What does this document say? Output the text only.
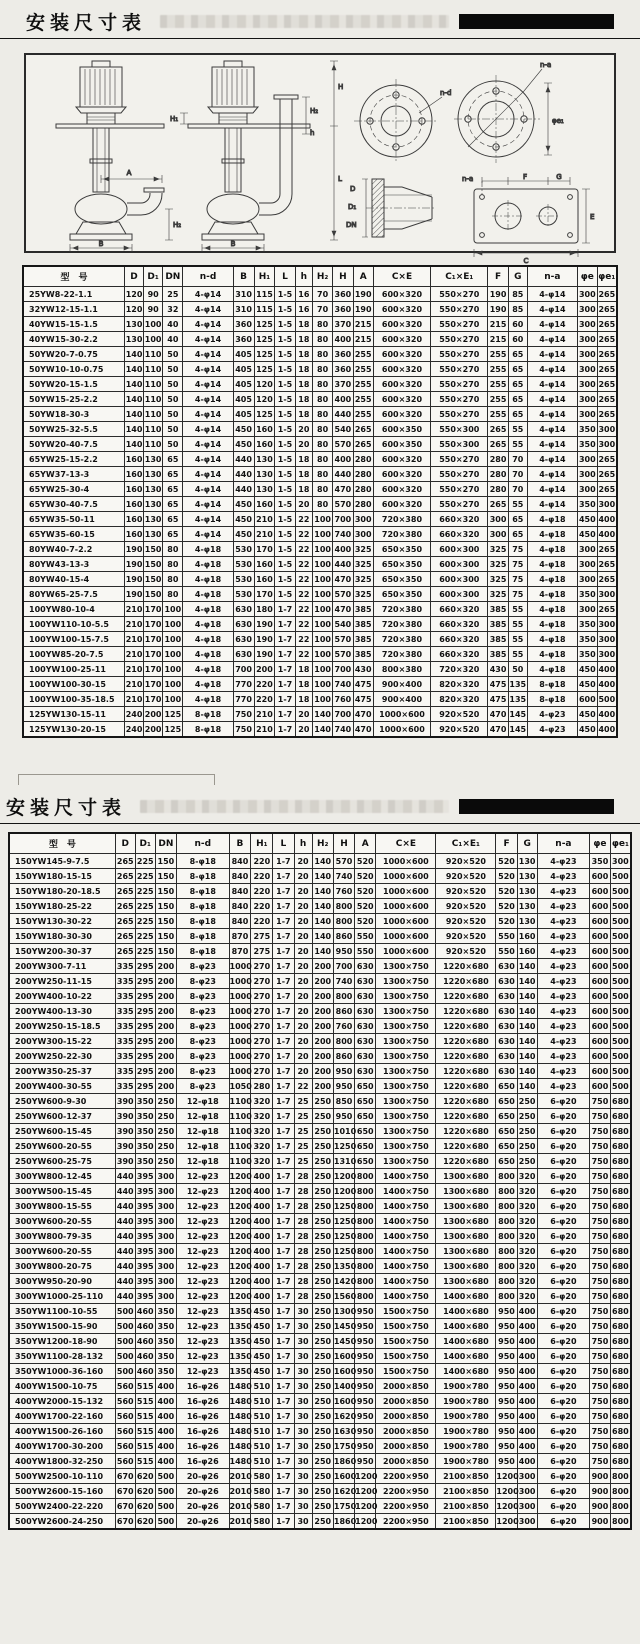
安装尺寸表
A
H₂
B
H₂
h
H₁
H
L
B
n-d
n-a
φe₁
D
D₁
DN
n-a	F	G
C
E
型　号	D	D₁	DN	n-d	B	H₁	L	h	H₂	H	A	C×E	C₁×E₁	F	G	n-a	φe	φe₁
25YW8-22-1.1	120	90	25	4-φ14	310	115	1-5	16	70	360	190	600×320	550×270	190	85	4-φ14	300	265
32YW12-15-1.1	120	90	32	4-φ14	310	115	1-5	16	70	360	190	600×320	550×270	190	85	4-φ14	300	265
40YW15-15-1.5	130	100	40	4-φ14	360	125	1-5	18	80	370	215	600×320	550×270	215	60	4-φ14	300	265
40YW15-30-2.2	130	100	40	4-φ14	360	125	1-5	18	80	400	215	600×320	550×270	215	60	4-φ14	300	265
50YW20-7-0.75	140	110	50	4-φ14	405	125	1-5	18	80	360	255	600×320	550×270	255	65	4-φ14	300	265
50YW10-10-0.75	140	110	50	4-φ14	405	125	1-5	18	80	360	255	600×320	550×270	255	65	4-φ14	300	265
50YW20-15-1.5	140	110	50	4-φ14	405	120	1-5	18	80	370	255	600×320	550×270	255	65	4-φ14	300	265
50YW15-25-2.2	140	110	50	4-φ14	405	120	1-5	18	80	400	255	600×320	550×270	255	65	4-φ14	300	265
50YW18-30-3	140	110	50	4-φ14	405	125	1-5	18	80	440	255	600×320	550×270	255	65	4-φ14	300	265
50YW25-32-5.5	140	110	50	4-φ14	450	160	1-5	20	80	540	265	600×350	550×300	265	55	4-φ14	350	300
50YW20-40-7.5	140	110	50	4-φ14	450	160	1-5	20	80	570	265	600×350	550×300	265	55	4-φ14	350	300
65YW25-15-2.2	160	130	65	4-φ14	440	130	1-5	18	80	400	280	600×320	550×270	280	70	4-φ14	300	265
65YW37-13-3	160	130	65	4-φ14	440	130	1-5	18	80	440	280	600×320	550×270	280	70	4-φ14	300	265
65YW25-30-4	160	130	65	4-φ14	440	130	1-5	18	80	470	280	600×320	550×270	280	70	4-φ14	300	265
65YW30-40-7.5	160	130	65	4-φ14	450	160	1-5	20	80	570	280	600×320	550×270	265	55	4-φ14	350	300
65YW35-50-11	160	130	65	4-φ14	450	210	1-5	22	100	700	300	720×380	660×320	300	65	4-φ18	450	400
65YW35-60-15	160	130	65	4-φ14	450	210	1-5	22	100	740	300	720×380	660×320	300	65	4-φ18	450	400
80YW40-7-2.2	190	150	80	4-φ18	530	170	1-5	22	100	400	325	650×350	600×300	325	75	4-φ18	300	265
80YW43-13-3	190	150	80	4-φ18	530	160	1-5	22	100	440	325	650×350	600×300	325	75	4-φ18	300	265
80YW40-15-4	190	150	80	4-φ18	530	160	1-5	22	100	470	325	650×350	600×300	325	75	4-φ18	300	265
80YW65-25-7.5	190	150	80	4-φ18	530	170	1-5	22	100	570	325	650×350	600×300	325	75	4-φ18	350	300
100YW80-10-4	210	170	100	4-φ18	630	180	1-7	22	100	470	385	720×380	660×320	385	55	4-φ18	300	265
100YW110-10-5.5	210	170	100	4-φ18	630	190	1-7	22	100	540	385	720×380	660×320	385	55	4-φ18	350	300
100YW100-15-7.5	210	170	100	4-φ18	630	190	1-7	22	100	570	385	720×380	660×320	385	55	4-φ18	350	300
100YW85-20-7.5	210	170	100	4-φ18	630	190	1-7	22	100	570	385	720×380	660×320	385	55	4-φ18	350	300
100YW100-25-11	210	170	100	4-φ18	700	200	1-7	18	100	700	430	800×380	720×320	430	50	4-φ18	450	400
100YW100-30-15	210	170	100	4-φ18	770	220	1-7	18	100	740	475	900×400	820×320	475	135	8-φ18	450	400
100YW100-35-18.5	210	170	100	4-φ18	770	220	1-7	18	100	760	475	900×400	820×320	475	135	8-φ18	600	500
125YW130-15-11	240	200	125	8-φ18	750	210	1-7	20	140	700	470	1000×600	920×520	470	145	4-φ23	450	400
125YW130-20-15	240	200	125	8-φ18	750	210	1-7	20	140	740	470	1000×600	920×520	470	145	4-φ23	450	400
安装尺寸表
型　号	D	D₁	DN	n-d	B	H₁	L	h	H₂	H	A	C×E	C₁×E₁	F	G	n-a	φe	φe₁
150YW145-9-7.5	265	225	150	8-φ18	840	220	1-7	20	140	570	520	1000×600	920×520	520	130	4-φ23	350	300
150YW180-15-15	265	225	150	8-φ18	840	220	1-7	20	140	740	520	1000×600	920×520	520	130	4-φ23	600	500
150YW180-20-18.5	265	225	150	8-φ18	840	220	1-7	20	140	760	520	1000×600	920×520	520	130	4-φ23	600	500
150YW180-25-22	265	225	150	8-φ18	840	220	1-7	20	140	800	520	1000×600	920×520	520	130	4-φ23	600	500
150YW130-30-22	265	225	150	8-φ18	840	220	1-7	20	140	800	520	1000×600	920×520	520	130	4-φ23	600	500
150YW180-30-30	265	225	150	8-φ18	870	275	1-7	20	140	860	550	1000×600	920×520	550	160	4-φ23	600	500
150YW200-30-37	265	225	150	8-φ18	870	275	1-7	20	140	950	550	1000×600	920×520	550	160	4-φ23	600	500
200YW300-7-11	335	295	200	8-φ23	1000	270	1-7	20	200	700	630	1300×750	1220×680	630	140	4-φ23	600	500
200YW250-11-15	335	295	200	8-φ23	1000	270	1-7	20	200	740	630	1300×750	1220×680	630	140	4-φ23	600	500
200YW400-10-22	335	295	200	8-φ23	1000	270	1-7	20	200	800	630	1300×750	1220×680	630	140	4-φ23	600	500
200YW400-13-30	335	295	200	8-φ23	1000	270	1-7	20	200	860	630	1300×750	1220×680	630	140	4-φ23	600	500
200YW250-15-18.5	335	295	200	8-φ23	1000	270	1-7	20	200	760	630	1300×750	1220×680	630	140	4-φ23	600	500
200YW300-15-22	335	295	200	8-φ23	1000	270	1-7	20	200	800	630	1300×750	1220×680	630	140	4-φ23	600	500
200YW250-22-30	335	295	200	8-φ23	1000	270	1-7	20	200	860	630	1300×750	1220×680	630	140	4-φ23	600	500
200YW350-25-37	335	295	200	8-φ23	1000	270	1-7	20	200	950	630	1300×750	1220×680	630	140	4-φ23	600	500
200YW400-30-55	335	295	200	8-φ23	1050	280	1-7	22	200	950	650	1300×750	1220×680	650	140	4-φ23	600	500
250YW600-9-30	390	350	250	12-φ18	1100	320	1-7	25	250	850	650	1300×750	1220×680	650	250	6-φ20	750	680
250YW600-12-37	390	350	250	12-φ18	1100	320	1-7	25	250	950	650	1300×750	1220×680	650	250	6-φ20	750	680
250YW600-15-45	390	350	250	12-φ18	1100	320	1-7	25	250	1010	650	1300×750	1220×680	650	250	6-φ20	750	680
250YW600-20-55	390	350	250	12-φ18	1100	320	1-7	25	250	1250	650	1300×750	1220×680	650	250	6-φ20	750	680
250YW600-25-75	390	350	250	12-φ18	1100	320	1-7	25	250	1310	650	1300×750	1220×680	650	250	6-φ20	750	680
300YW800-12-45	440	395	300	12-φ23	1200	400	1-7	28	250	1200	800	1400×750	1300×680	800	320	6-φ20	750	680
300YW500-15-45	440	395	300	12-φ23	1200	400	1-7	28	250	1200	800	1400×750	1300×680	800	320	6-φ20	750	680
300YW800-15-55	440	395	300	12-φ23	1200	400	1-7	28	250	1250	800	1400×750	1300×680	800	320	6-φ20	750	680
300YW600-20-55	440	395	300	12-φ23	1200	400	1-7	28	250	1250	800	1400×750	1300×680	800	320	6-φ20	750	680
300YW800-79-35	440	395	300	12-φ23	1200	400	1-7	28	250	1250	800	1400×750	1300×680	800	320	6-φ20	750	680
300YW600-20-55	440	395	300	12-φ23	1200	400	1-7	28	250	1250	800	1400×750	1300×680	800	320	6-φ20	750	680
300YW800-20-75	440	395	300	12-φ23	1200	400	1-7	28	250	1350	800	1400×750	1300×680	800	320	6-φ20	750	680
300YW950-20-90	440	395	300	12-φ23	1200	400	1-7	28	250	1420	800	1400×750	1300×680	800	320	6-φ20	750	680
300YW1000-25-110	440	395	300	12-φ23	1200	400	1-7	28	250	1560	800	1400×750	1400×680	800	320	6-φ20	750	680
350YW1100-10-55	500	460	350	12-φ23	1350	450	1-7	30	250	1300	950	1500×750	1400×680	950	400	6-φ20	750	680
350YW1500-15-90	500	460	350	12-φ23	1350	450	1-7	30	250	1450	950	1500×750	1400×680	950	400	6-φ20	750	680
350YW1200-18-90	500	460	350	12-φ23	1350	450	1-7	30	250	1450	950	1500×750	1400×680	950	400	6-φ20	750	680
350YW1100-28-132	500	460	350	12-φ23	1350	450	1-7	30	250	1600	950	1500×750	1400×680	950	400	6-φ20	750	680
350YW1000-36-160	500	460	350	12-φ23	1350	450	1-7	30	250	1600	950	1500×750	1400×680	950	400	6-φ20	750	680
400YW1500-10-75	560	515	400	16-φ26	1480	510	1-7	30	250	1400	950	2000×850	1900×780	950	400	6-φ20	750	680
400YW2000-15-132	560	515	400	16-φ26	1480	510	1-7	30	250	1600	950	2000×850	1900×780	950	400	6-φ20	750	680
400YW1700-22-160	560	515	400	16-φ26	1480	510	1-7	30	250	1620	950	2000×850	1900×780	950	400	6-φ20	750	680
400YW1500-26-160	560	515	400	16-φ26	1480	510	1-7	30	250	1630	950	2000×850	1900×780	950	400	6-φ20	750	680
400YW1700-30-200	560	515	400	16-φ26	1480	510	1-7	30	250	1750	950	2000×850	1900×780	950	400	6-φ20	750	680
400YW1800-32-250	560	515	400	16-φ26	1480	510	1-7	30	250	1860	950	2000×850	1900×780	950	400	6-φ20	750	680
500YW2500-10-110	670	620	500	20-φ26	2010	580	1-7	30	250	1600	1200	2200×950	2100×850	1200	300	6-φ20	900	800
500YW2600-15-160	670	620	500	20-φ26	2010	580	1-7	30	250	1620	1200	2200×950	2100×850	1200	300	6-φ20	900	800
500YW2400-22-220	670	620	500	20-φ26	2010	580	1-7	30	250	1750	1200	2200×950	2100×850	1200	300	6-φ20	900	800
500YW2600-24-250	670	620	500	20-φ26	2010	580	1-7	30	250	1860	1200	2200×950	2100×850	1200	300	6-φ20	900	800
